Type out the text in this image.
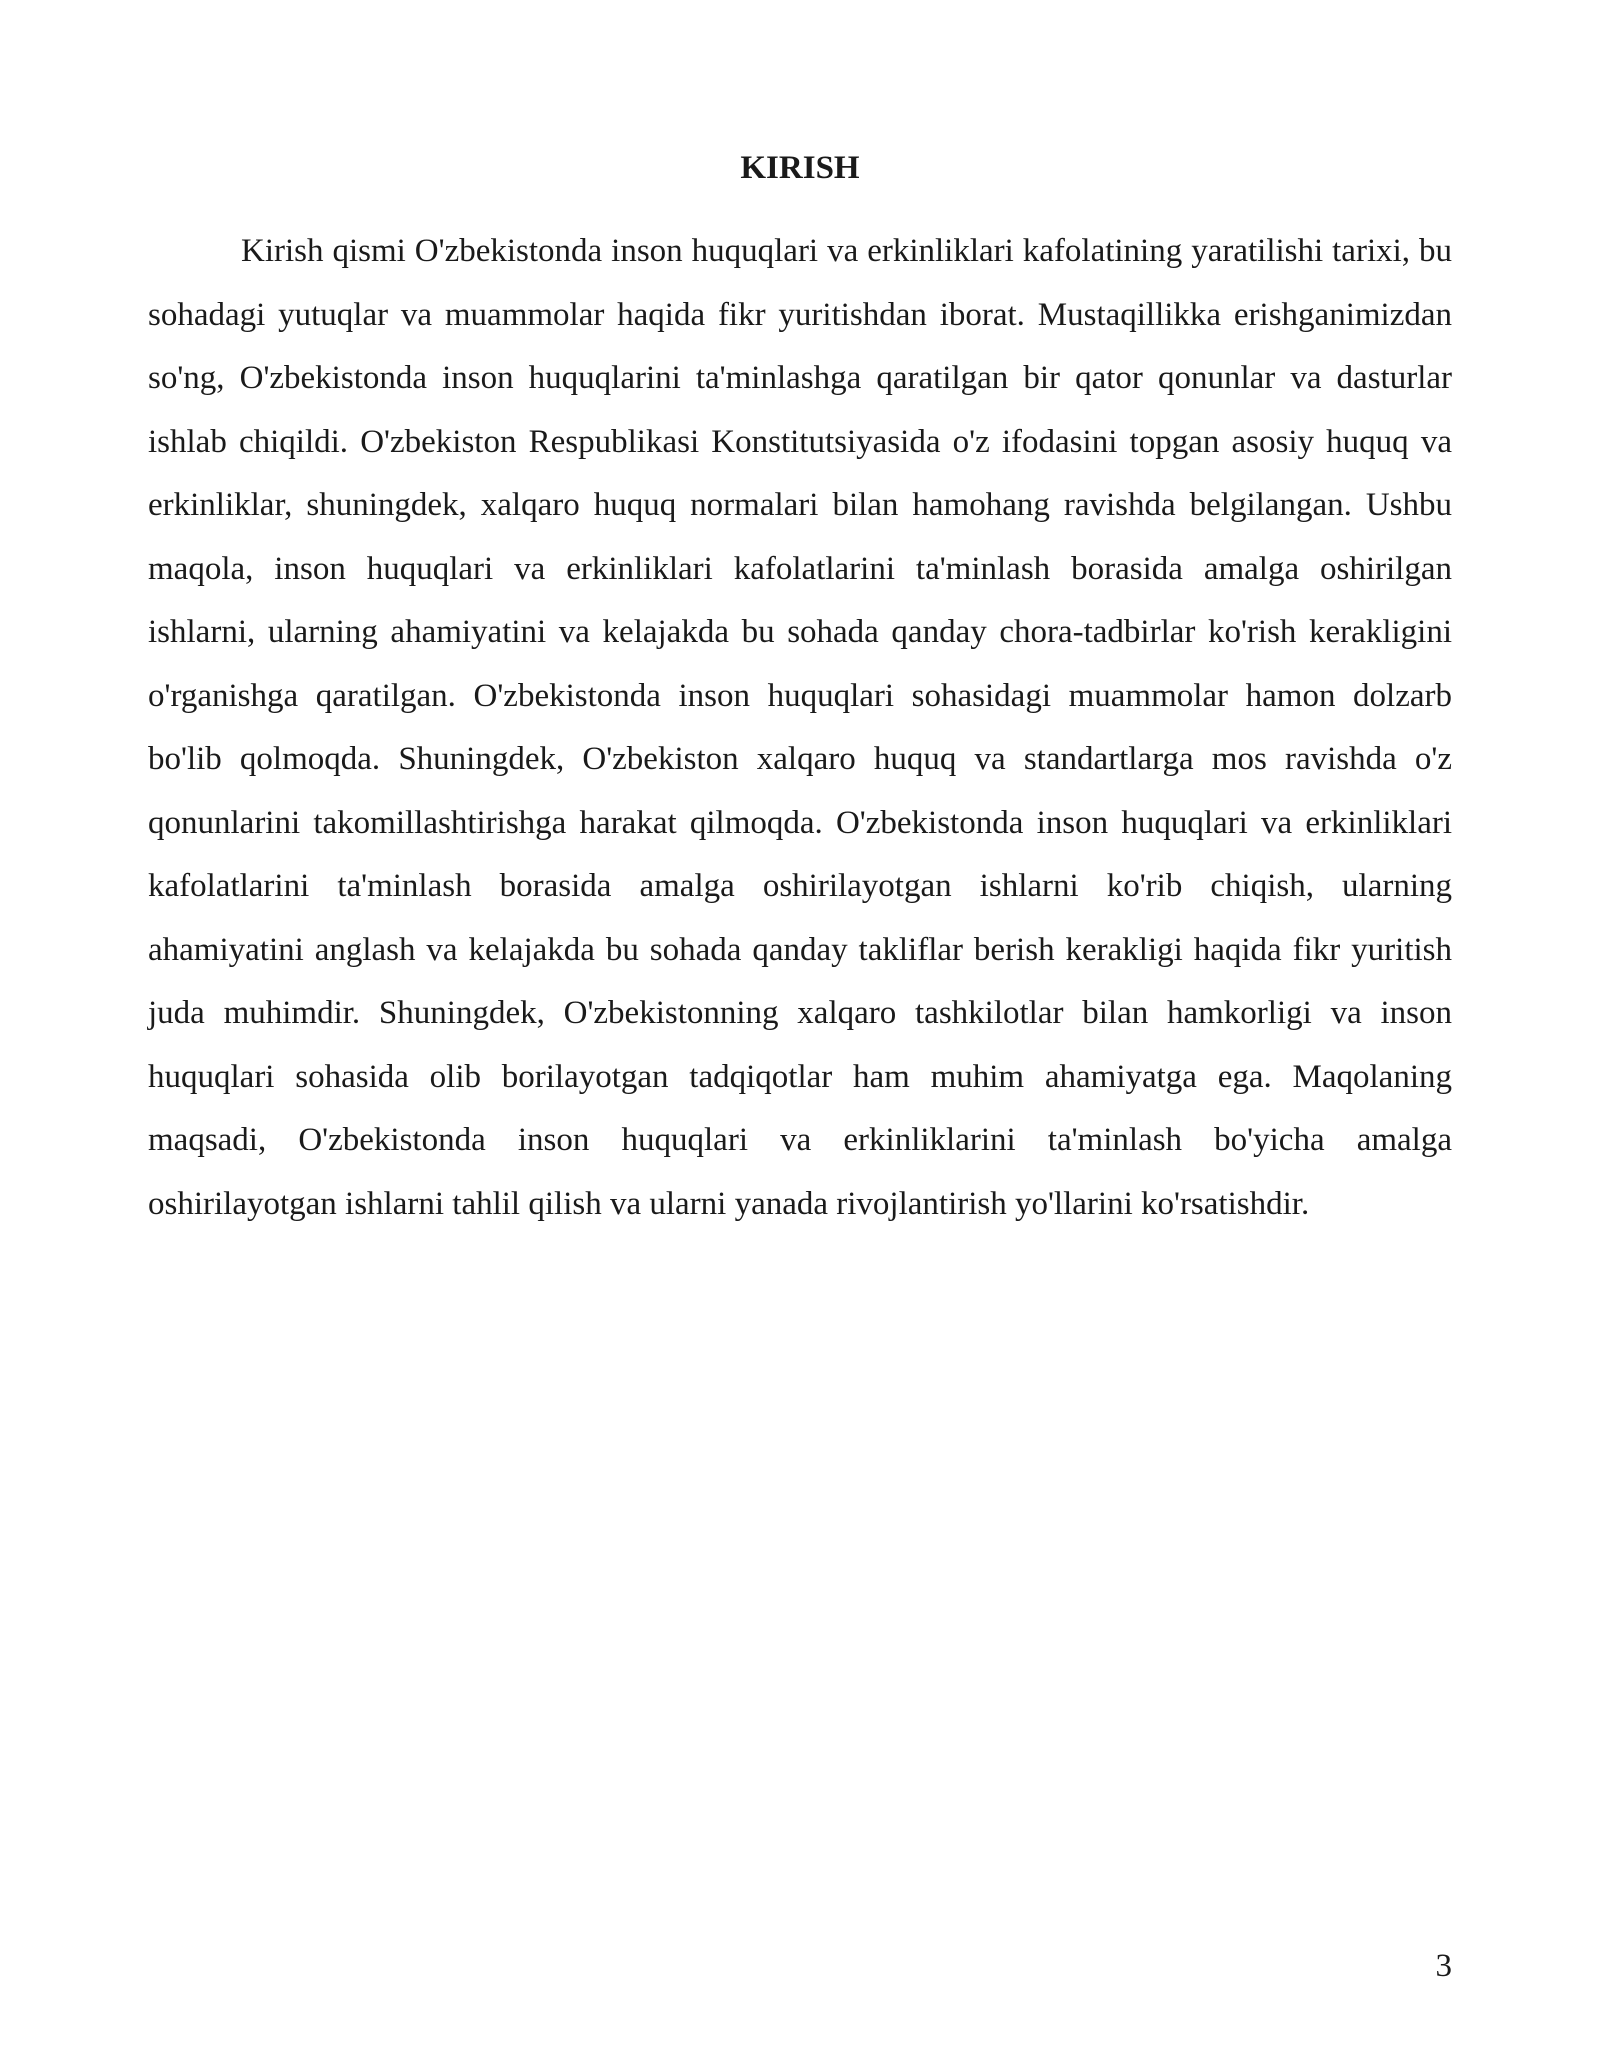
KIRISH

Kirish qismi O'zbekistonda inson huquqlari va erkinliklari kafolatining yaratilishi tarixi, bu sohadagi yutuqlar va muammolar haqida fikr yuritishdan iborat. Mustaqillikka erishganimizdan so'ng, O'zbekistonda inson huquqlarini ta'minlashga qaratilgan bir qator qonunlar va dasturlar ishlab chiqildi. O'zbekiston Respublikasi Konstitutsiyasida o'z ifodasini topgan asosiy huquq va erkinliklar, shuningdek, xalqaro huquq normalari bilan hamohang ravishda belgilangan. Ushbu maqola, inson huquqlari va erkinliklari kafolatlarini ta'minlash borasida amalga oshirilgan ishlarni, ularning ahamiyatini va kelajakda bu sohada qanday chora-tadbirlar ko'rish kerakligini o'rganishga qaratilgan. O'zbekistonda inson huquqlari sohasidagi muammolar hamon dolzarb bo'lib qolmoqda. Shuningdek, O'zbekiston xalqaro huquq va standartlarga mos ravishda o'z qonunlarini takomillashtirishga harakat qilmoqda. O'zbekistonda inson huquqlari va erkinliklari kafolatlarini ta'minlash borasida amalga oshirilayotgan ishlarni ko'rib chiqish, ularning ahamiyatini anglash va kelajakda bu sohada qanday takliflar berish kerakligi haqida fikr yuritish juda muhimdir. Shuningdek, O'zbekistonning xalqaro tashkilotlar bilan hamkorligi va inson huquqlari sohasida olib borilayotgan tadqiqotlar ham muhim ahamiyatga ega. Maqolaning maqsadi, O'zbekistonda inson huquqlari va erkinliklarini ta'minlash bo'yicha amalga oshirilayotgan ishlarni tahlil qilish va ularni yanada rivojlantirish yo'llarini ko'rsatishdir.

3
